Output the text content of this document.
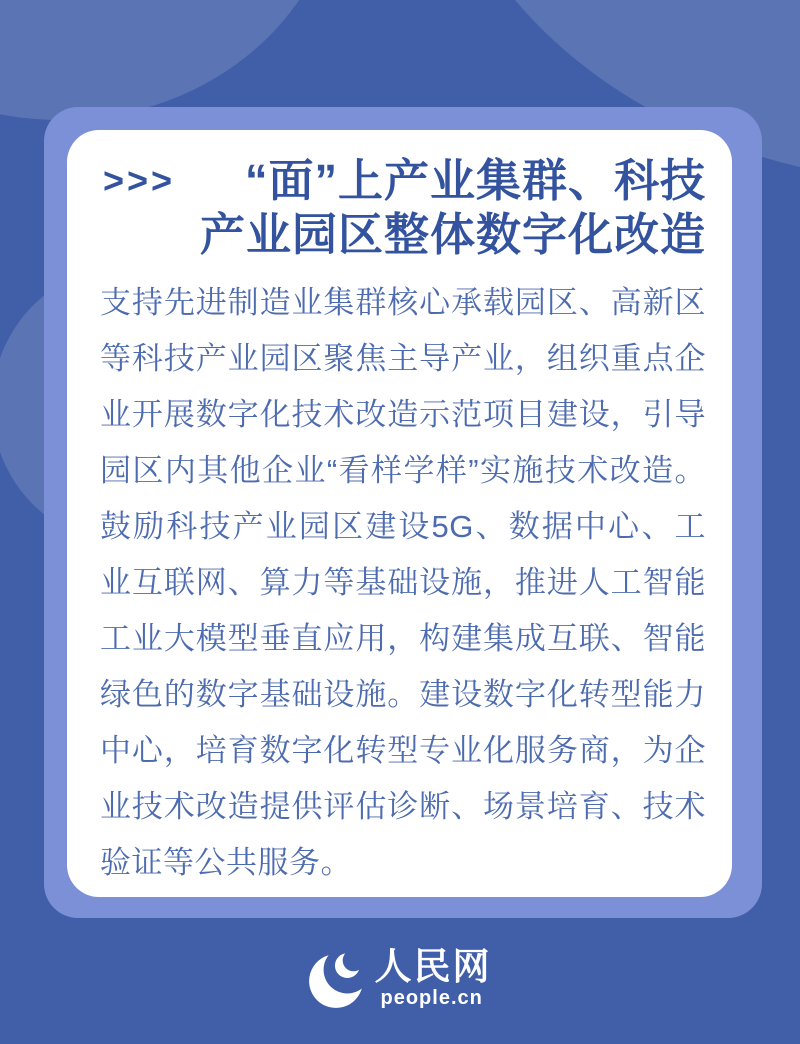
>>> “面”上产业集群、科技
产业园区整体数字化改造

支持先进制造业集群核心承载园区、高新区等科技产业园区聚焦主导产业，组织重点企业开展数字化技术改造示范项目建设，引导园区内其他企业“看样学样”实施技术改造。鼓励科技产业园区建设5G、数据中心、工业互联网、算力等基础设施，推进人工智能工业大模型垂直应用，构建集成互联、智能绿色的数字基础设施。建设数字化转型能力中心，培育数字化转型专业化服务商，为企业技术改造提供评估诊断、场景培育、技术验证等公共服务。

人民网
people.cn
